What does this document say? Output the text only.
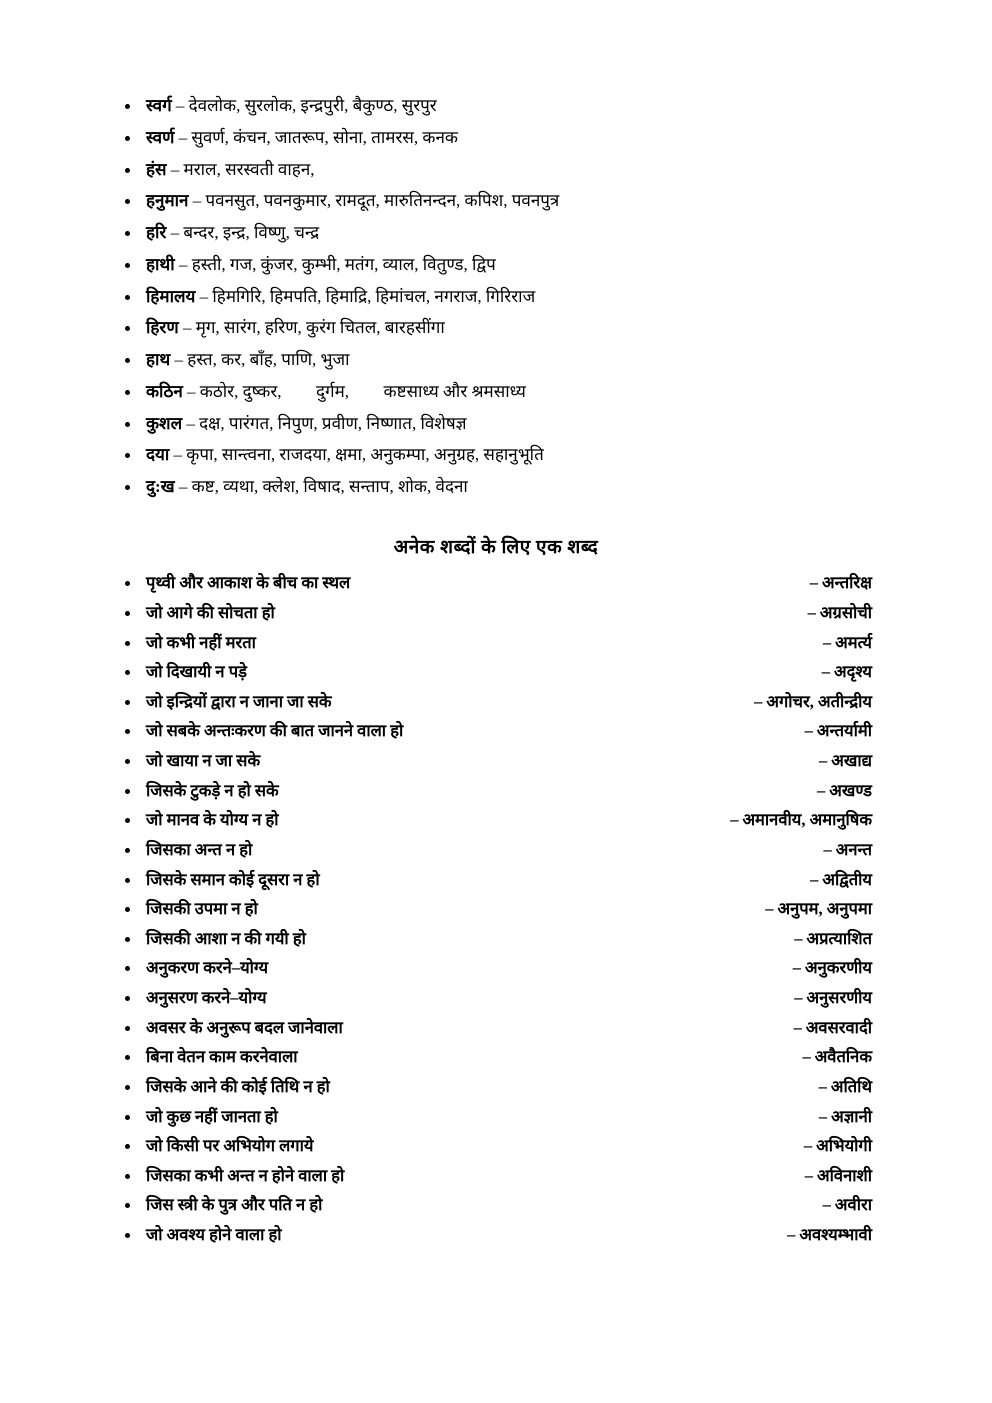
स्वर्ग – देवलोक, सुरलोक, इन्द्रपुरी, बैकुण्ठ, सुरपुर
स्वर्ण – सुवर्ण, कंचन, जातरूप, सोना, तामरस, कनक
हंस – मराल, सरस्वती वाहन,
हनुमान – पवनसुत, पवनकुमार, रामदूत, मारुतिनन्दन, कपिश, पवनपुत्र
हरि – बन्दर, इन्द्र, विष्णु, चन्द्र
हाथी – हस्ती, गज, कुंजर, कुम्भी, मतंग, व्याल, वितुण्ड, द्विप
हिमालय – हिमगिरि, हिमपति, हिमाद्रि, हिमांचल, नगराज, गिरिराज
हिरण – मृग, सारंग, हरिण, कुरंग चितल, बारहसींगा
हाथ – हस्त, कर, बाँह, पाणि, भुजा
कठिन – कठोर, दुष्कर, दुर्गम, कष्टसाध्य और श्रमसाध्य
कुशल – दक्ष, पारंगत, निपुण, प्रवीण, निष्णात, विशेषज्ञ
दया – कृपा, सान्त्वना, राजदया, क्षमा, अनुकम्पा, अनुग्रह, सहानुभूति
दु:ख – कष्ट, व्यथा, क्लेश, विषाद, सन्ताप, शोक, वेदना
अनेक शब्दों के लिए एक शब्द
पृथ्वी और आकाश के बीच का स्थल	– अन्तरिक्ष
जो आगे की सोचता हो	– अग्रसोची
जो कभी नहीं मरता	– अमर्त्य
जो दिखायी न पड़े	– अदृश्य
जो इन्द्रियों द्वारा न जाना जा सके	– अगोचर, अतीन्द्रीय
जो सबके अन्तःकरण की बात जानने वाला हो	– अन्तर्यामी
जो खाया न जा सके	– अखाद्य
जिसके टुकड़े न हो सके	– अखण्ड
जो मानव के योग्य न हो	– अमानवीय, अमानुषिक
जिसका अन्त न हो	– अनन्त
जिसके समान कोई दूसरा न हो	– अद्वितीय
जिसकी उपमा न हो	– अनुपम, अनुपमा
जिसकी आशा न की गयी हो	– अप्रत्याशित
अनुकरण करने–योग्य	– अनुकरणीय
अनुसरण करने–योग्य	– अनुसरणीय
अवसर के अनुरूप बदल जानेवाला	– अवसरवादी
बिना वेतन काम करनेवाला	– अवैतनिक
जिसके आने की कोई तिथि न हो	– अतिथि
जो कुछ नहीं जानता हो	– अज्ञानी
जो किसी पर अभियोग लगाये	– अभियोगी
जिसका कभी अन्त न होने वाला हो	– अविनाशी
जिस स्त्री के पुत्र और पति न हो	– अवीरा
जो अवश्य होने वाला हो	– अवश्यम्भावी
